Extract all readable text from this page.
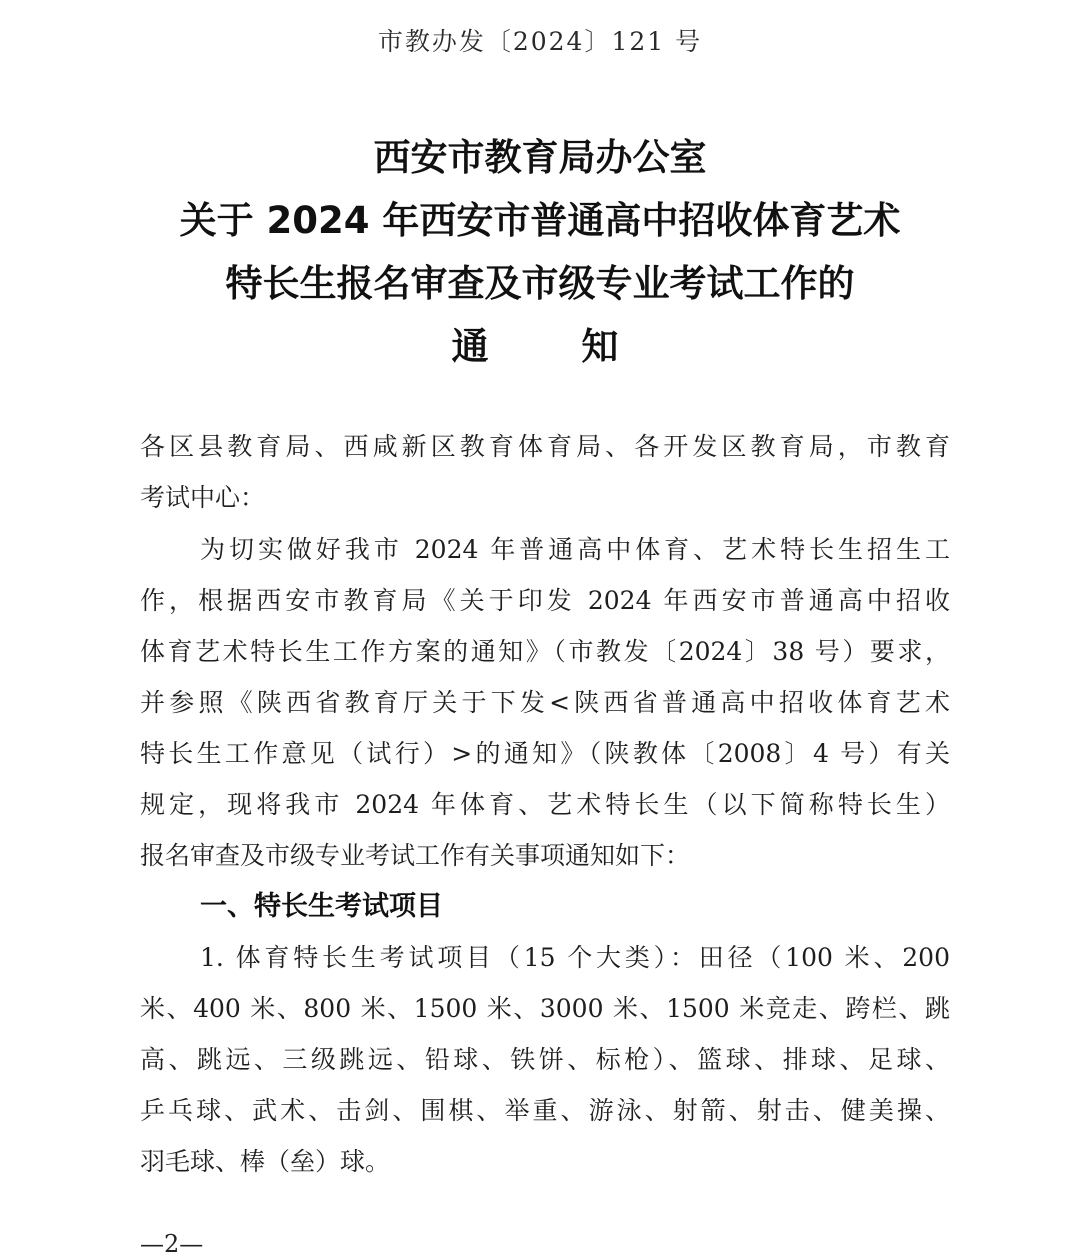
市教办发〔2024〕121 号
西安市教育局办公室
关于 2024 年西安市普通高中招收体育艺术
特长生报名审查及市级专业考试工作的
通 知
各区县教育局、西咸新区教育体育局、各开发区教育局，市教育
考试中心：
为切实做好我市 2024 年普通高中体育、艺术特长生招生工
作，根据西安市教育局《关于印发 2024 年西安市普通高中招收
体育艺术特长生工作方案的通知》（市教发〔2024〕38 号）要求，
并参照《陕西省教育厅关于下发<陕西省普通高中招收体育艺术
特长生工作意见（试行）>的通知》（陕教体〔2008〕4 号）有关
规定，现将我市 2024 年体育、艺术特长生（以下简称特长生）
报名审查及市级专业考试工作有关事项通知如下：
一、特长生考试项目
1. 体育特长生考试项目（15 个大类）：田径（100 米、200
米、400 米、800 米、1500 米、3000 米、1500 米竞走、跨栏、跳
高、跳远、三级跳远、铅球、铁饼、标枪）、篮球、排球、足球、
乒乓球、武术、击剑、围棋、举重、游泳、射箭、射击、健美操、
羽毛球、棒（垒）球。
—2—
